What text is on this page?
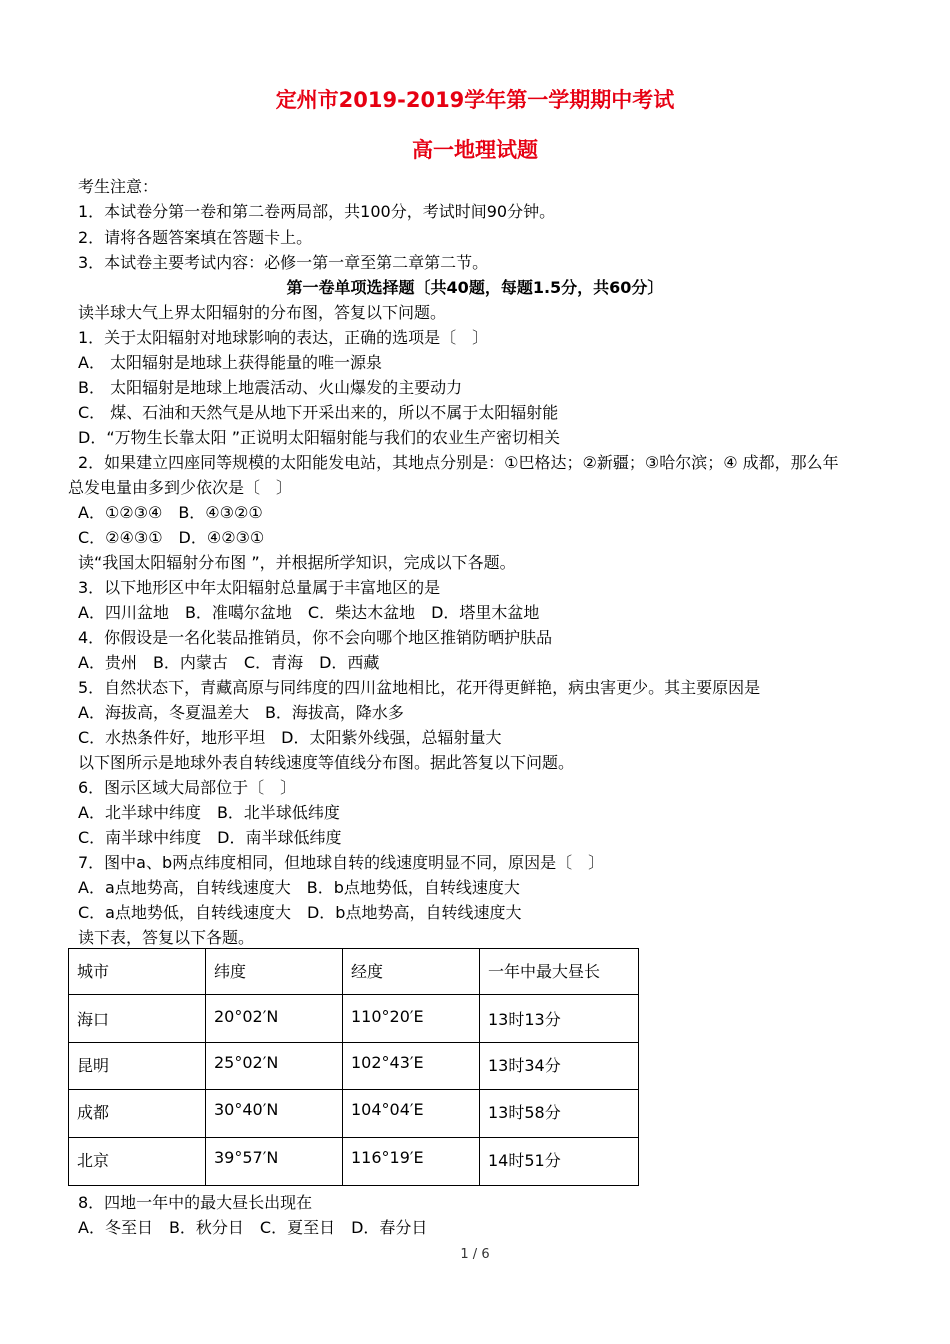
定州市2019-2019学年第一学期期中考试
高一地理试题
考生注意：
1．本试卷分第一卷和第二卷两局部，共100分，考试时间90分钟。
2．请将各题答案填在答题卡上。
3．本试卷主要考试内容：必修一第一章至第二章第二节。
第一卷单项选择题〔共40题，每题1.5分，共60分〕
读半球大气上界太阳辐射的分布图，答复以下问题。
1．关于太阳辐射对地球影响的表达，正确的选项是〔　〕
A． 太阳辐射是地球上获得能量的唯一源泉
B． 太阳辐射是地球上地震活动、火山爆发的主要动力
C． 煤、石油和天然气是从地下开采出来的，所以不属于太阳辐射能
D．“万物生长靠太阳 ”正说明太阳辐射能与我们的农业生产密切相关
2．如果建立四座同等规模的太阳能发电站，其地点分别是：①巴格达；②新疆；③哈尔滨；④ 成都，那么年
总发电量由多到少依次是〔　〕
A．①②③④　B．④③②①
C．②④③①　D．④②③①
读“我国太阳辐射分布图 ”，并根据所学知识，完成以下各题。
3．以下地形区中年太阳辐射总量属于丰富地区的是
A．四川盆地　B．准噶尔盆地　C．柴达木盆地　D．塔里木盆地
4．你假设是一名化装品推销员，你不会向哪个地区推销防晒护肤品
A．贵州　B．内蒙古　C．青海　D．西藏
5．自然状态下，青藏高原与同纬度的四川盆地相比，花开得更鲜艳，病虫害更少。其主要原因是
A．海拔高，冬夏温差大　B．海拔高，降水多
C．水热条件好，地形平坦　D．太阳紫外线强，总辐射量大
以下图所示是地球外表自转线速度等值线分布图。据此答复以下问题。
6．图示区域大局部位于〔　〕
A．北半球中纬度　B．北半球低纬度
C．南半球中纬度　D．南半球低纬度
7．图中a、b两点纬度相同，但地球自转的线速度明显不同，原因是〔　〕
A．a点地势高，自转线速度大　B．b点地势低，自转线速度大
C．a点地势低，自转线速度大　D．b点地势高，自转线速度大
读下表，答复以下各题。
城市	纬度	经度	一年中最大昼长
海口	20°02′N	110°20′E	13时13分
昆明	25°02′N	102°43′E	13时34分
成都	30°40′N	104°04′E	13时58分
北京	39°57′N	116°19′E	14时51分
8．四地一年中的最大昼长出现在
A．冬至日　B．秋分日　C．夏至日　D．春分日
1 / 6
